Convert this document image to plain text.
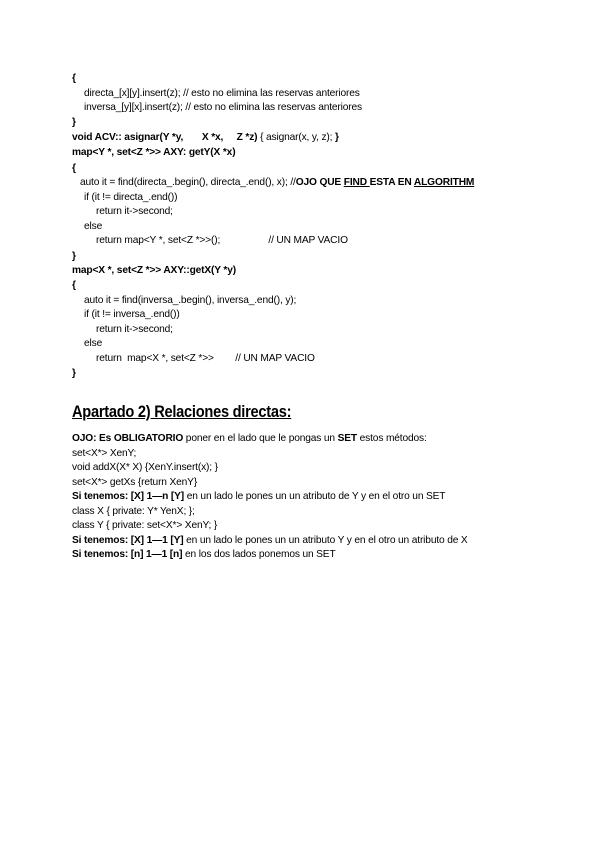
{
directa_[x][y].insert(z); // esto no elimina las reservas anteriores
inversa_[y][x].insert(z); // esto no elimina las reservas anteriores
}
void ACV:: asignar(Y *y,       X *x,     Z *z) { asignar(x, y, z); }
map<Y *, set<Z *>> AXY: getY(X *x)
{
auto it = find(directa_.begin(), directa_.end(), x); //OJO QUE FIND ESTA EN ALGORITHM
if (it != directa_.end())
return it->second;
else
return map<Y *, set<Z *>>();                  // UN MAP VACIO
}
map<X *, set<Z *>> AXY::getX(Y *y)
{
auto it = find(inversa_.begin(), inversa_.end(), y);
if (it != inversa_.end())
return it->second;
else
return  map<X *, set<Z *>>        // UN MAP VACIO
}
Apartado 2) Relaciones directas:
OJO: Es OBLIGATORIO poner en el lado que le pongas un SET estos métodos:
set<X*> XenY;
void addX(X* X) {XenY.insert(x); }
set<X*> getXs {return XenY}
Si tenemos: [X] 1—n [Y] en un lado le pones un un atributo de Y y en el otro un SET
class X { private: Y* YenX; };
class Y { private: set<X*> XenY; }
Si tenemos: [X] 1—1 [Y] en un lado le pones un un atributo Y y en el otro un atributo de X
Si tenemos: [n] 1—1 [n] en los dos lados ponemos un SET
